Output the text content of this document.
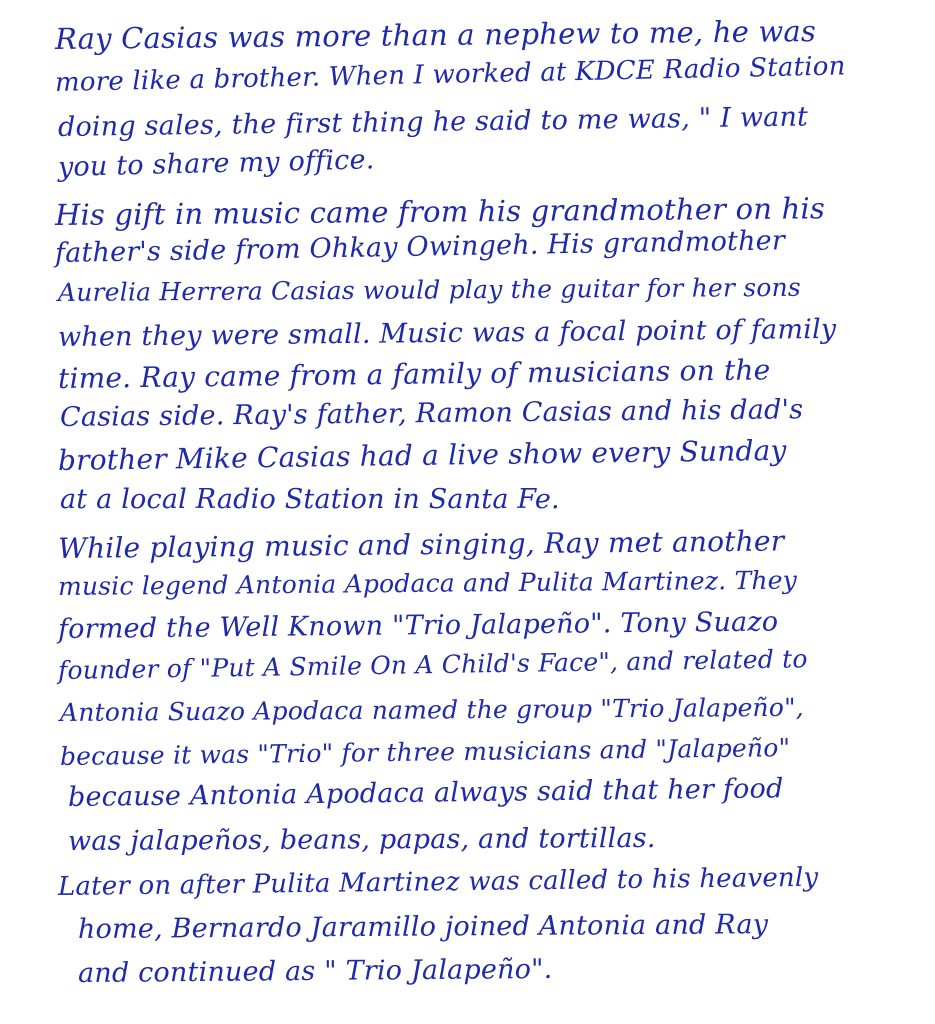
Ray Casias was more than a nephew to me, he was
more like a brother. When I worked at KDCE Radio Station
doing sales, the first thing he said to me was, " I want
you to share my office.
His gift in music came from his grandmother on his
father's side from Ohkay Owingeh. His grandmother
Aurelia Herrera Casias would play the guitar for her sons
when they were small. Music was a focal point of family
time. Ray came from a family of musicians on the
Casias side. Ray's father, Ramon Casias and his dad's
brother Mike Casias had a live show every Sunday
at a local Radio Station in Santa Fe.
While playing music and singing, Ray met another
music legend Antonia Apodaca and Pulita Martinez. They
formed the Well Known "Trio Jalapeño". Tony Suazo
founder of "Put A Smile On A Child's Face", and related to
Antonia Suazo Apodaca named the group "Trio Jalapeño",
because it was "Trio" for three musicians and "Jalapeño"
because Antonia Apodaca always said that her food
was jalapeños, beans, papas, and tortillas.
Later on after Pulita Martinez was called to his heavenly
home, Bernardo Jaramillo joined Antonia and Ray
and continued as " Trio Jalapeño".
